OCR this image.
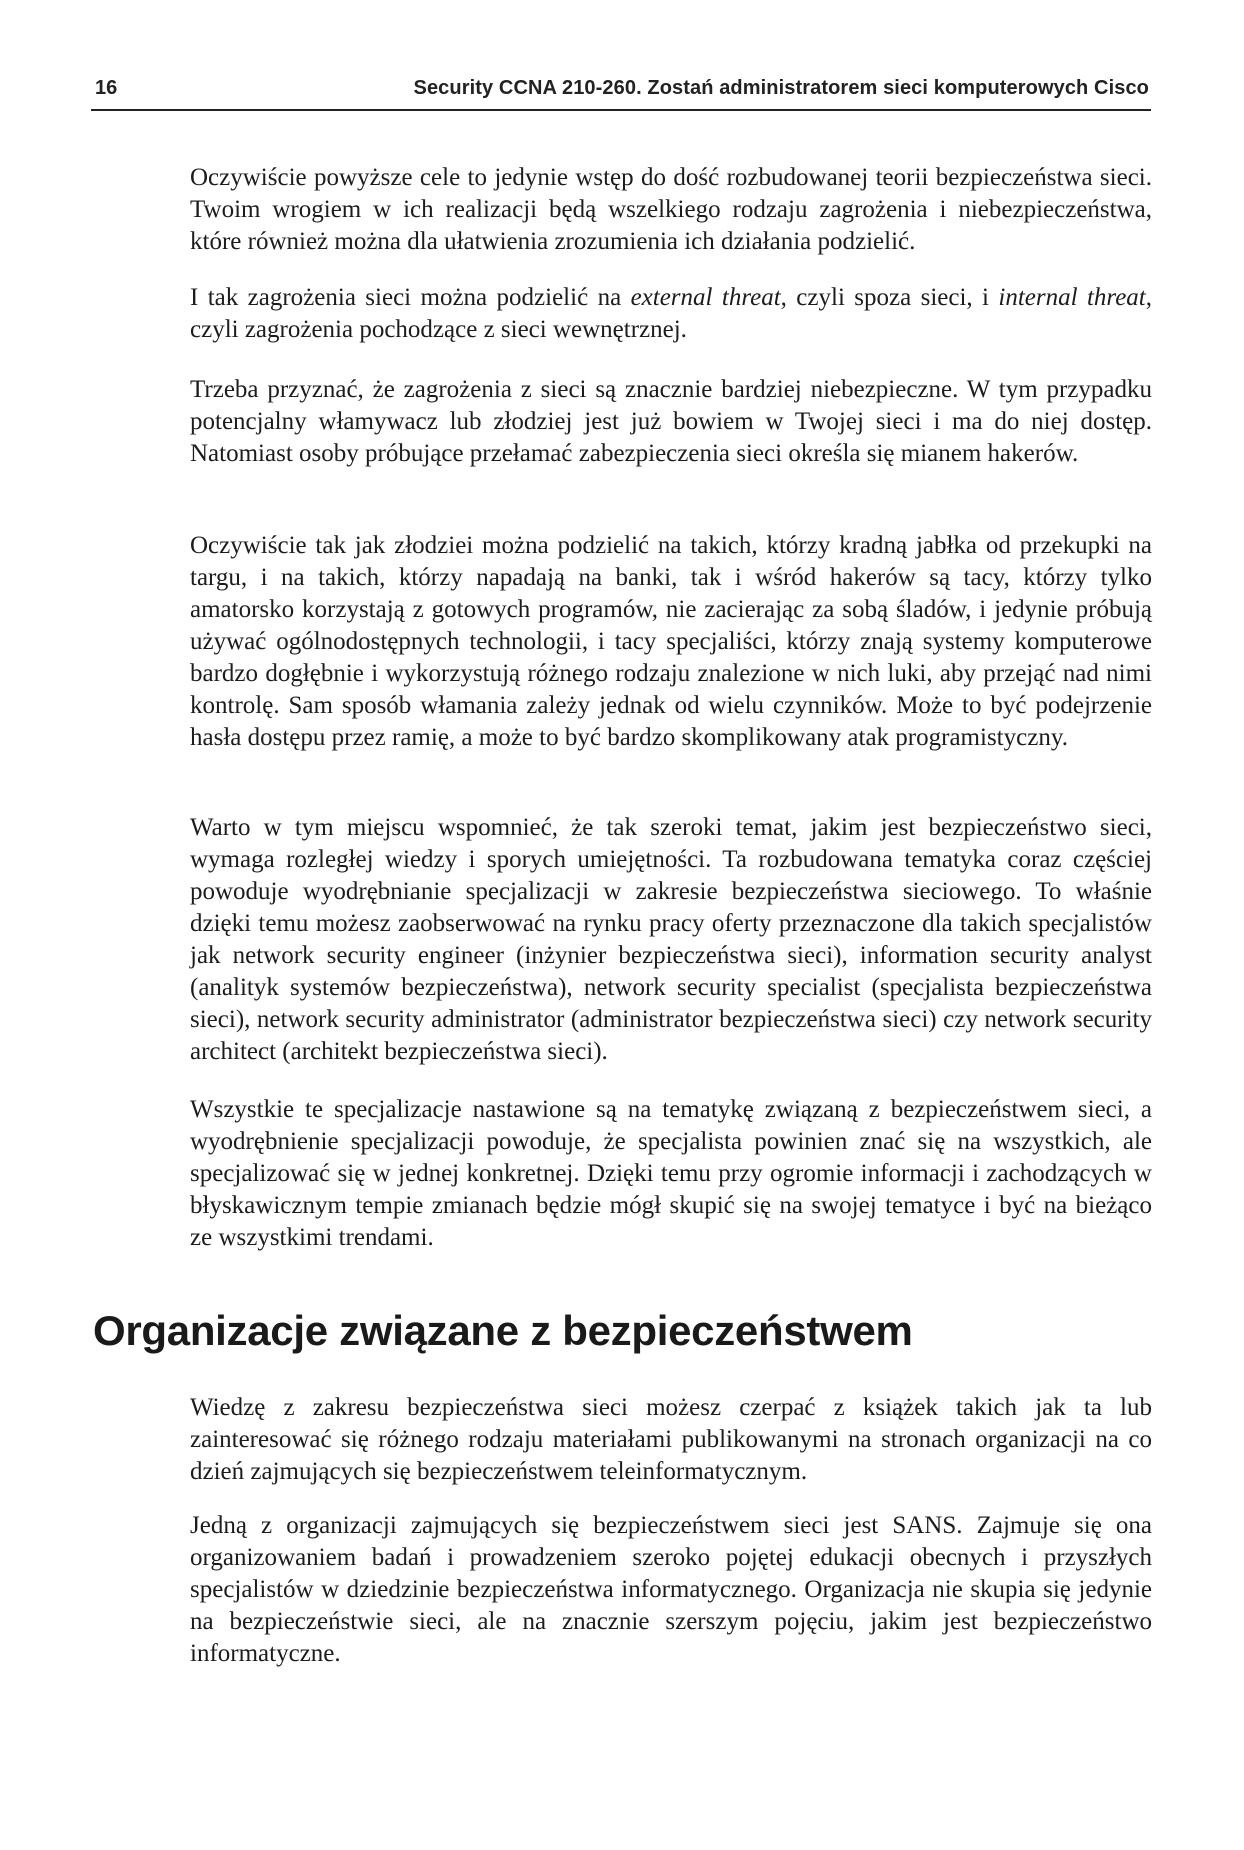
16	Security CCNA 210-260. Zostań administratorem sieci komputerowych Cisco

Oczywiście powyższe cele to jedynie wstęp do dość rozbudowanej teorii bezpieczeństwa sieci. Twoim wrogiem w ich realizacji będą wszelkiego rodzaju zagrożenia i niebezpieczeństwa, które również można dla ułatwienia zrozumienia ich działania podzielić.

I tak zagrożenia sieci można podzielić na external threat, czyli spoza sieci, i internal threat, czyli zagrożenia pochodzące z sieci wewnętrznej.

Trzeba przyznać, że zagrożenia z sieci są znacznie bardziej niebezpieczne. W tym przypadku potencjalny włamywacz lub złodziej jest już bowiem w Twojej sieci i ma do niej dostęp. Natomiast osoby próbujące przełamać zabezpieczenia sieci określa się mianem hakerów.

Oczywiście tak jak złodziei można podzielić na takich, którzy kradną jabłka od przekupki na targu, i na takich, którzy napadają na banki, tak i wśród hakerów są tacy, którzy tylko amatorsko korzystają z gotowych programów, nie zacierając za sobą śladów, i jedynie próbują używać ogólnodostępnych technologii, i tacy specjaliści, którzy znają systemy komputerowe bardzo dogłębnie i wykorzystują różnego rodzaju znalezione w nich luki, aby przejąć nad nimi kontrolę. Sam sposób włamania zależy jednak od wielu czynników. Może to być podejrzenie hasła dostępu przez ramię, a może to być bardzo skomplikowany atak programistyczny.

Warto w tym miejscu wspomnieć, że tak szeroki temat, jakim jest bezpieczeństwo sieci, wymaga rozległej wiedzy i sporych umiejętności. Ta rozbudowana tematyka coraz częściej powoduje wyodrębnianie specjalizacji w zakresie bezpieczeństwa sieciowego. To właśnie dzięki temu możesz zaobserwować na rynku pracy oferty przeznaczone dla takich specjalistów jak network security engineer (inżynier bezpieczeństwa sieci), information security analyst (analityk systemów bezpieczeństwa), network security specialist (specjalista bezpieczeństwa sieci), network security administrator (administrator bezpieczeństwa sieci) czy network security architect (architekt bezpieczeństwa sieci).

Wszystkie te specjalizacje nastawione są na tematykę związaną z bezpieczeństwem sieci, a wyodrębnienie specjalizacji powoduje, że specjalista powinien znać się na wszystkich, ale specjalizować się w jednej konkretnej. Dzięki temu przy ogromie informacji i zachodzących w błyskawicznym tempie zmianach będzie mógł skupić się na swojej tematyce i być na bieżąco ze wszystkimi trendami.

Organizacje związane z bezpieczeństwem

Wiedzę z zakresu bezpieczeństwa sieci możesz czerpać z książek takich jak ta lub zainteresować się różnego rodzaju materiałami publikowanymi na stronach organizacji na co dzień zajmujących się bezpieczeństwem teleinformatycznym.

Jedną z organizacji zajmujących się bezpieczeństwem sieci jest SANS. Zajmuje się ona organizowaniem badań i prowadzeniem szeroko pojętej edukacji obecnych i przyszłych specjalistów w dziedzinie bezpieczeństwa informatycznego. Organizacja nie skupia się jedynie na bezpieczeństwie sieci, ale na znacznie szerszym pojęciu, jakim jest bezpieczeństwo informatyczne.
